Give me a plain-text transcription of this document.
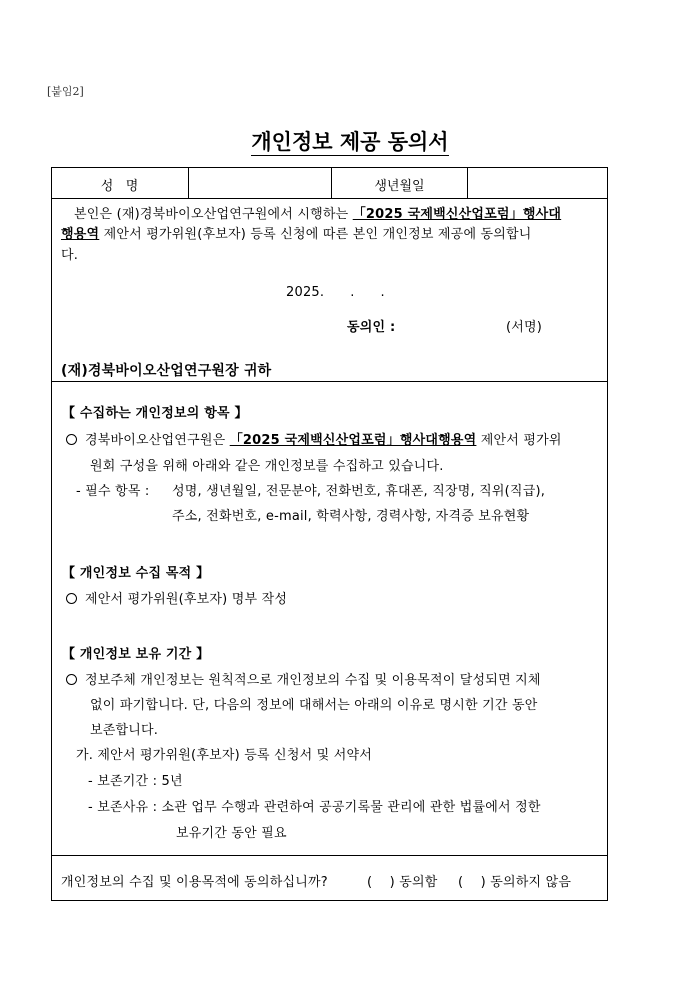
[붙임2]
개인정보 제공 동의서
성   명	생년월일
본인은 (재)경북바이오산업연구원에서 시행하는 「2025 국제백신산업포럼」행사대
행용역 제안서 평가위원(후보자) 등록 신청에 따른 본인 개인정보 제공에 동의합니
다.
2025.      .      .
동의인 :	(서명)
(재)경북바이오산업연구원장 귀하
【 수집하는 개인정보의 항목 】
경북바이오산업연구원은 「2025 국제백신산업포럼」행사대행용역 제안서 평가위
원회 구성을 위해 아래와 같은 개인정보를 수집하고 있습니다.
- 필수 항목 : 성명, 생년월일, 전문분야, 전화번호, 휴대폰, 직장명, 직위(직급),
주소, 전화번호, e-mail, 학력사항, 경력사항, 자격증 보유현황
【 개인정보 수집 목적 】
제안서 평가위원(후보자) 명부 작성
【 개인정보 보유 기간 】
정보주체 개인정보는 원칙적으로 개인정보의 수집 및 이용목적이 달성되면 지체
없이 파기합니다. 단, 다음의 정보에 대해서는 아래의 이유로 명시한 기간 동안
보존합니다.
가. 제안서 평가위원(후보자) 등록 신청서 및 서약서
- 보존기간 : 5년
- 보존사유 : 소관 업무 수행과 관련하여 공공기록물 관리에 관한 법률에서 정한
보유기간 동안 필요
개인정보의 수집 및 이용목적에 동의하십니까?	(    ) 동의함 (    ) 동의하지 않음
